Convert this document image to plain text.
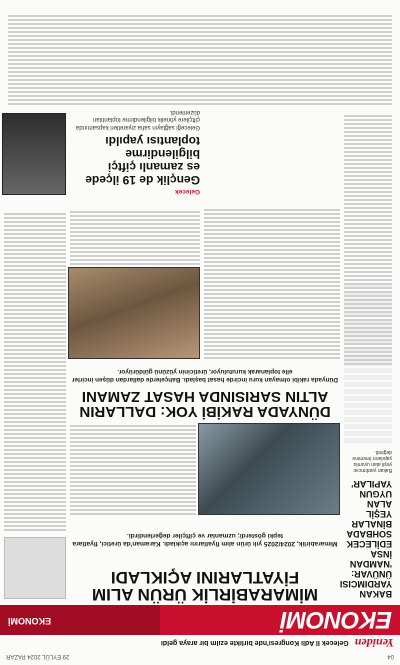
04
29 EYLÜL 2024 PAZAR
Yeniden
Gelecek İl Adli Kongresi'nde birlikte ezilm bir araya geldi
EKONOMİ
EKONOMİ
BAKAN YARDIMCISI ÜNÜVAR: 'NAMDAN İNSA EDİLECEK SOHBADA BİNALAR YEŞİL ALAN UYGUN YAPILAR'
Bakan yardımcısı yeşil alan uyumlu yapıların önemine değindi.
MİMARABİRLİK ÜRÜN ALIM FİYATLARINI AÇIKLADI
Mimarabirlik, 2024/2025 yılı ürün alım fiyatlarını açıkladı. Karaman'da üretici, fiyatlara tepki gösterdi; uzmanlar ve çiftçiler değerlendirdi.
DÜNYADA RAKİBİ YOK: DALLARIN ALTIN SARISINDA HASAT ZAMANI
Dünyada rakibi olmayan kuru incirde hasat başladı. Bahçelerde dallardan düşen incirler elle toplanarak kurutuluyor, üreticinin yüzünü güldürüyor.
Gelecek
Gençlik de 19 ilçede es zamanlı çiftçi bilgilendirme toplantısı yapıldı
Geleceği sağlayın saha ziyaretleri kapsamında çiftçilere yönelik bilgilendirme toplantıları düzenlendi.
